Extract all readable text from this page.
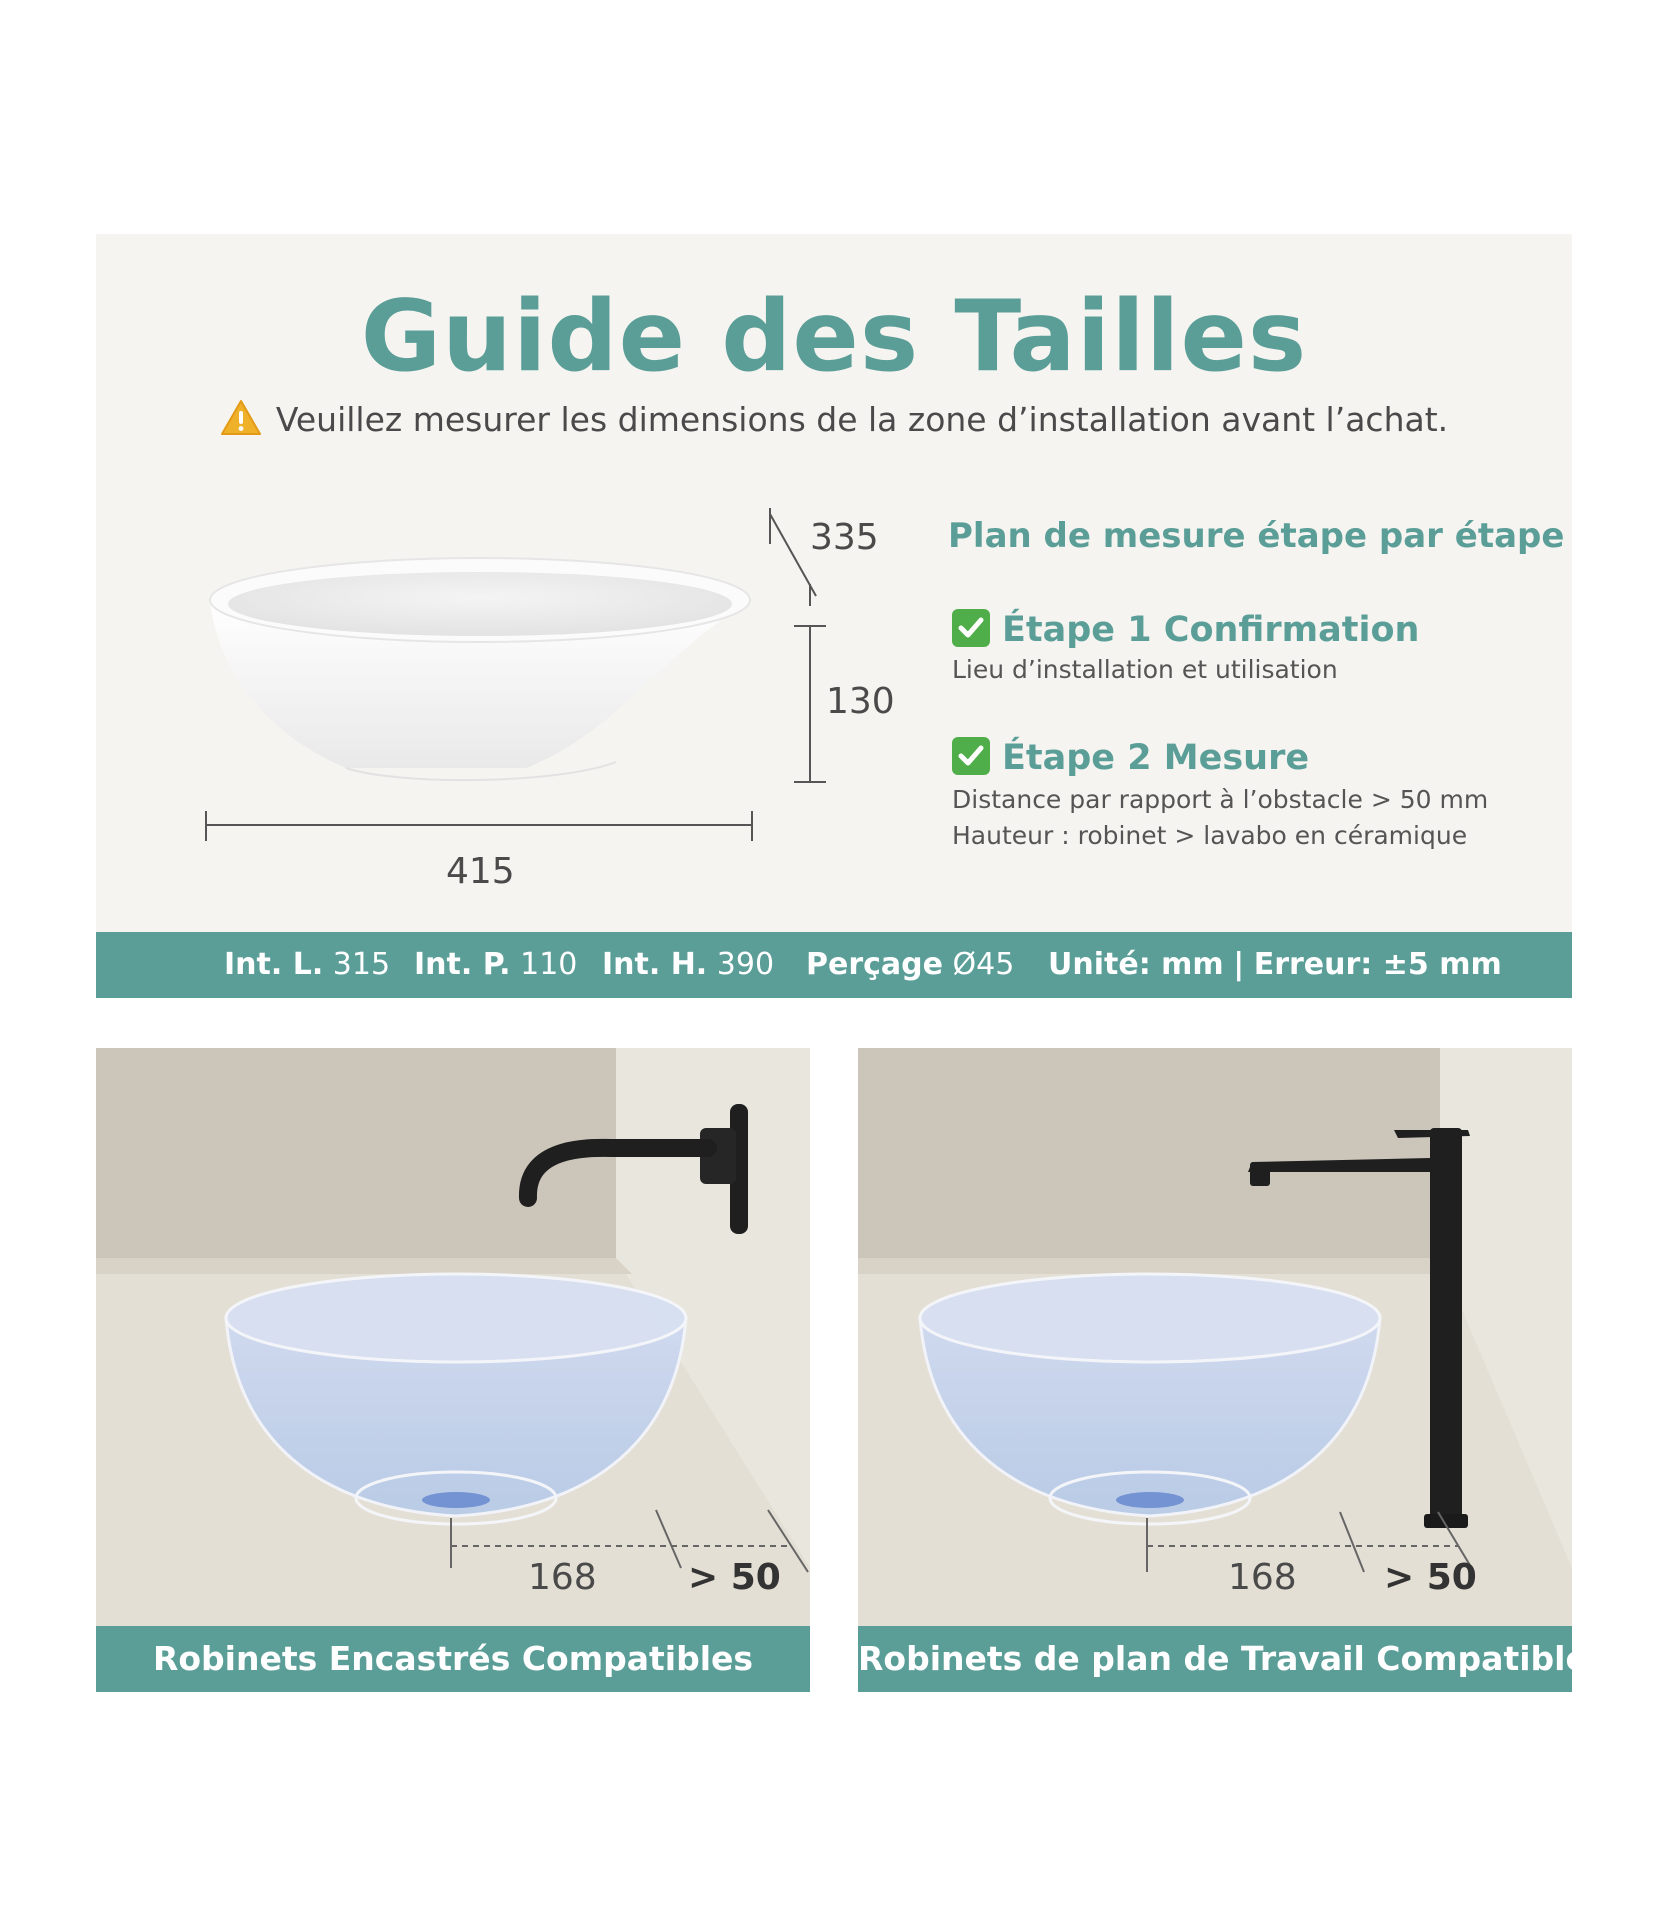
Guide des Tailles
Veuillez mesurer les dimensions de la zone d’installation avant l’achat.
335
130
415
Plan de mesure étape par étape
Étape 1 Confirmation
Lieu d’installation et utilisation
Étape 2 Mesure
Distance par rapport à l’obstacle > 50 mm
Hauteur : robinet > lavabo en céramique
Int. L. 315 Int. P. 110 Int. H. 390 Perçage Ø45 Unité: mm | Erreur: ±5 mm
168	> 50
Robinets Encastrés Compatibles
168 > 50
Robinets de plan de Travail Compatibles
